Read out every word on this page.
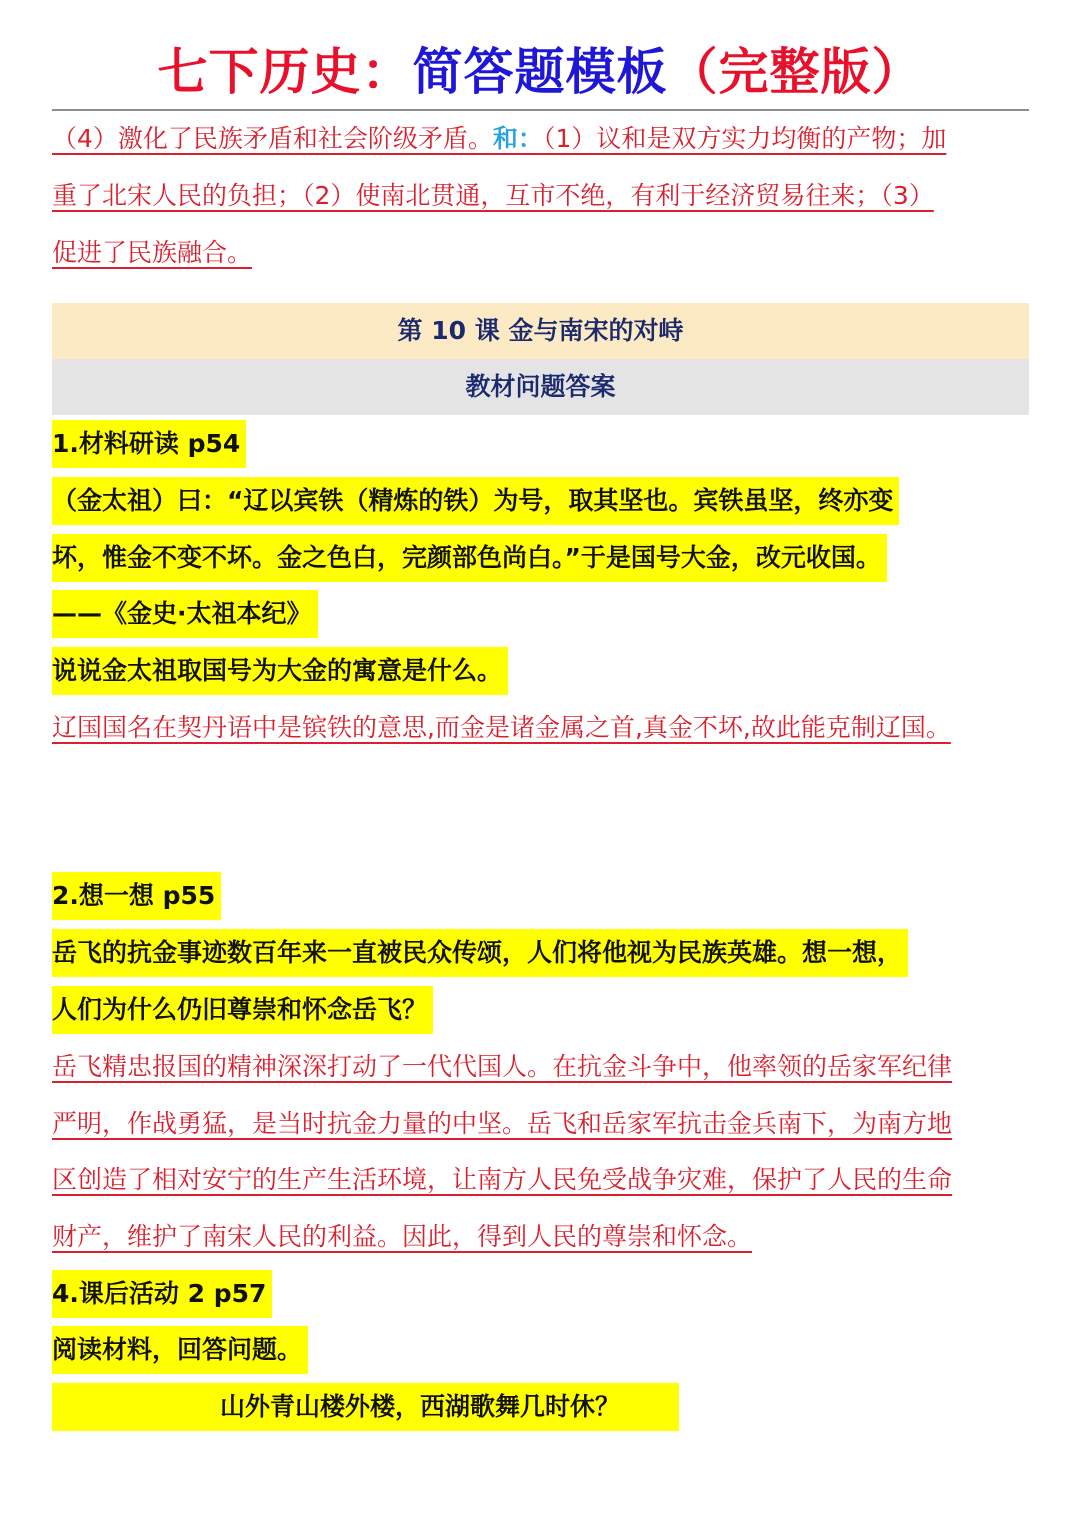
七下历史：简答题模板（完整版）
（4）激化了民族矛盾和社会阶级矛盾。和：（1）议和是双方实力均衡的产物；加
重了北宋人民的负担；（2）使南北贯通，互市不绝，有利于经济贸易往来；（3）
促进了民族融合。
第 10 课 金与南宋的对峙
教材问题答案
1.材料研读 p54
（金太祖）曰：“辽以宾铁（精炼的铁）为号，取其坚也。宾铁虽坚，终亦变
坏，惟金不变不坏。金之色白，完颜部色尚白。”于是国号大金，改元收国。
——《金史·太祖本纪》
说说金太祖取国号为大金的寓意是什么。
辽国国名在契丹语中是镔铁的意思,而金是诸金属之首,真金不坏,故此能克制辽国。
2.想一想 p55
岳飞的抗金事迹数百年来一直被民众传颂，人们将他视为民族英雄。想一想，
人们为什么仍旧尊崇和怀念岳飞？
岳飞精忠报国的精神深深打动了一代代国人。在抗金斗争中，他率领的岳家军纪律
严明，作战勇猛，是当时抗金力量的中坚。岳飞和岳家军抗击金兵南下，为南方地
区创造了相对安宁的生产生活环境，让南方人民免受战争灾难，保护了人民的生命
财产，维护了南宋人民的利益。因此，得到人民的尊崇和怀念。
4.课后活动 2 p57
阅读材料，回答问题。
山外青山楼外楼，西湖歌舞几时休？
